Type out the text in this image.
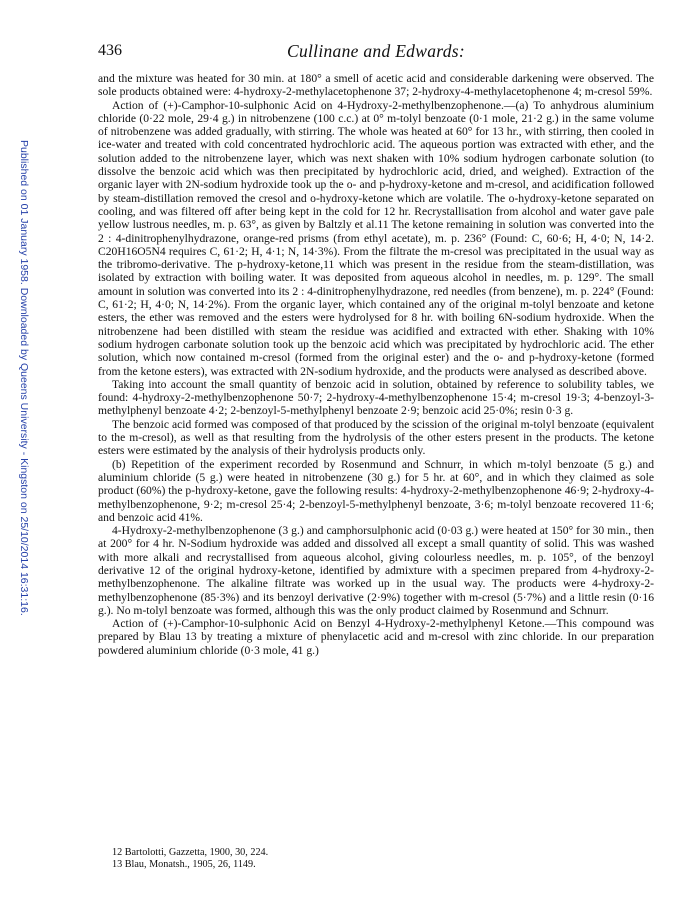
Published on 01 January 1958. Downloaded by Queens University - Kingston on 25/10/2014 16:31:16.
436	Cullinane and Edwards:

and the mixture was heated for 30 min. at 180° a smell of acetic acid and considerable darkening were observed. The sole products obtained were: 4-hydroxy-2-methylacetophenone 37; 2-hydroxy-4-methylacetophenone 4; m-cresol 59%.

Action of (+)-Camphor-10-sulphonic Acid on 4-Hydroxy-2-methylbenzophenone.—(a) To anhydrous aluminium chloride (0·22 mole, 29·4 g.) in nitrobenzene (100 c.c.) at 0° m-tolyl benzoate (0·1 mole, 21·2 g.) in the same volume of nitrobenzene was added gradually, with stirring. The whole was heated at 60° for 13 hr., with stirring, then cooled in ice-water and treated with cold concentrated hydrochloric acid. The aqueous portion was extracted with ether, and the solution added to the nitrobenzene layer, which was next shaken with 10% sodium hydrogen carbonate solution (to dissolve the benzoic acid which was then precipitated by hydrochloric acid, dried, and weighed). Extraction of the organic layer with 2N-sodium hydroxide took up the o- and p-hydroxy-ketone and m-cresol, and acidification followed by steam-distillation removed the cresol and o-hydroxy-ketone which are volatile. The o-hydroxy-ketone separated on cooling, and was filtered off after being kept in the cold for 12 hr. Recrystallisation from alcohol and water gave pale yellow lustrous needles, m. p. 63°, as given by Baltzly et al.11 The ketone remaining in solution was converted into the 2 : 4-dinitrophenylhydrazone, orange-red prisms (from ethyl acetate), m. p. 236° (Found: C, 60·6; H, 4·0; N, 14·2. C20H16O5N4 requires C, 61·2; H, 4·1; N, 14·3%). From the filtrate the m-cresol was precipitated in the usual way as the tribromo-derivative. The p-hydroxy-ketone,11 which was present in the residue from the steam-distillation, was isolated by extraction with boiling water. It was deposited from aqueous alcohol in needles, m. p. 129°. The small amount in solution was converted into its 2 : 4-dinitrophenylhydrazone, red needles (from benzene), m. p. 224° (Found: C, 61·2; H, 4·0; N, 14·2%). From the organic layer, which contained any of the original m-tolyl benzoate and ketone esters, the ether was removed and the esters were hydrolysed for 8 hr. with boiling 6N-sodium hydroxide. When the nitrobenzene had been distilled with steam the residue was acidified and extracted with ether. Shaking with 10% sodium hydrogen carbonate solution took up the benzoic acid which was precipitated by hydrochloric acid. The ether solution, which now contained m-cresol (formed from the original ester) and the o- and p-hydroxy-ketone (formed from the ketone esters), was extracted with 2N-sodium hydroxide, and the products were analysed as described above.

Taking into account the small quantity of benzoic acid in solution, obtained by reference to solubility tables, we found: 4-hydroxy-2-methylbenzophenone 50·7; 2-hydroxy-4-methylbenzophenone 15·4; m-cresol 19·3; 4-benzoyl-3-methylphenyl benzoate 4·2; 2-benzoyl-5-methylphenyl benzoate 2·9; benzoic acid 25·0%; resin 0·3 g.

The benzoic acid formed was composed of that produced by the scission of the original m-tolyl benzoate (equivalent to the m-cresol), as well as that resulting from the hydrolysis of the other esters present in the products. The ketone esters were estimated by the analysis of their hydrolysis products only.

(b) Repetition of the experiment recorded by Rosenmund and Schnurr, in which m-tolyl benzoate (5 g.) and aluminium chloride (5 g.) were heated in nitrobenzene (30 g.) for 5 hr. at 60°, and in which they claimed as sole product (60%) the p-hydroxy-ketone, gave the following results: 4-hydroxy-2-methylbenzophenone 46·9; 2-hydroxy-4-methylbenzophenone, 9·2; m-cresol 25·4; 2-benzoyl-5-methylphenyl benzoate, 3·6; m-tolyl benzoate recovered 11·6; and benzoic acid 41%.

4-Hydroxy-2-methylbenzophenone (3 g.) and camphorsulphonic acid (0·03 g.) were heated at 150° for 30 min., then at 200° for 4 hr. N-Sodium hydroxide was added and dissolved all except a small quantity of solid. This was washed with more alkali and recrystallised from aqueous alcohol, giving colourless needles, m. p. 105°, of the benzoyl derivative 12 of the original hydroxy-ketone, identified by admixture with a specimen prepared from 4-hydroxy-2-methylbenzophenone. The alkaline filtrate was worked up in the usual way. The products were 4-hydroxy-2-methylbenzophenone (85·3%) and its benzoyl derivative (2·9%) together with m-cresol (5·7%) and a little resin (0·16 g.). No m-tolyl benzoate was formed, although this was the only product claimed by Rosenmund and Schnurr.

Action of (+)-Camphor-10-sulphonic Acid on Benzyl 4-Hydroxy-2-methylphenyl Ketone.—This compound was prepared by Blau 13 by treating a mixture of phenylacetic acid and m-cresol with zinc chloride. In our preparation powdered aluminium chloride (0·3 mole, 41 g.)

12 Bartolotti, Gazzetta, 1900, 30, 224.
13 Blau, Monatsh., 1905, 26, 1149.
